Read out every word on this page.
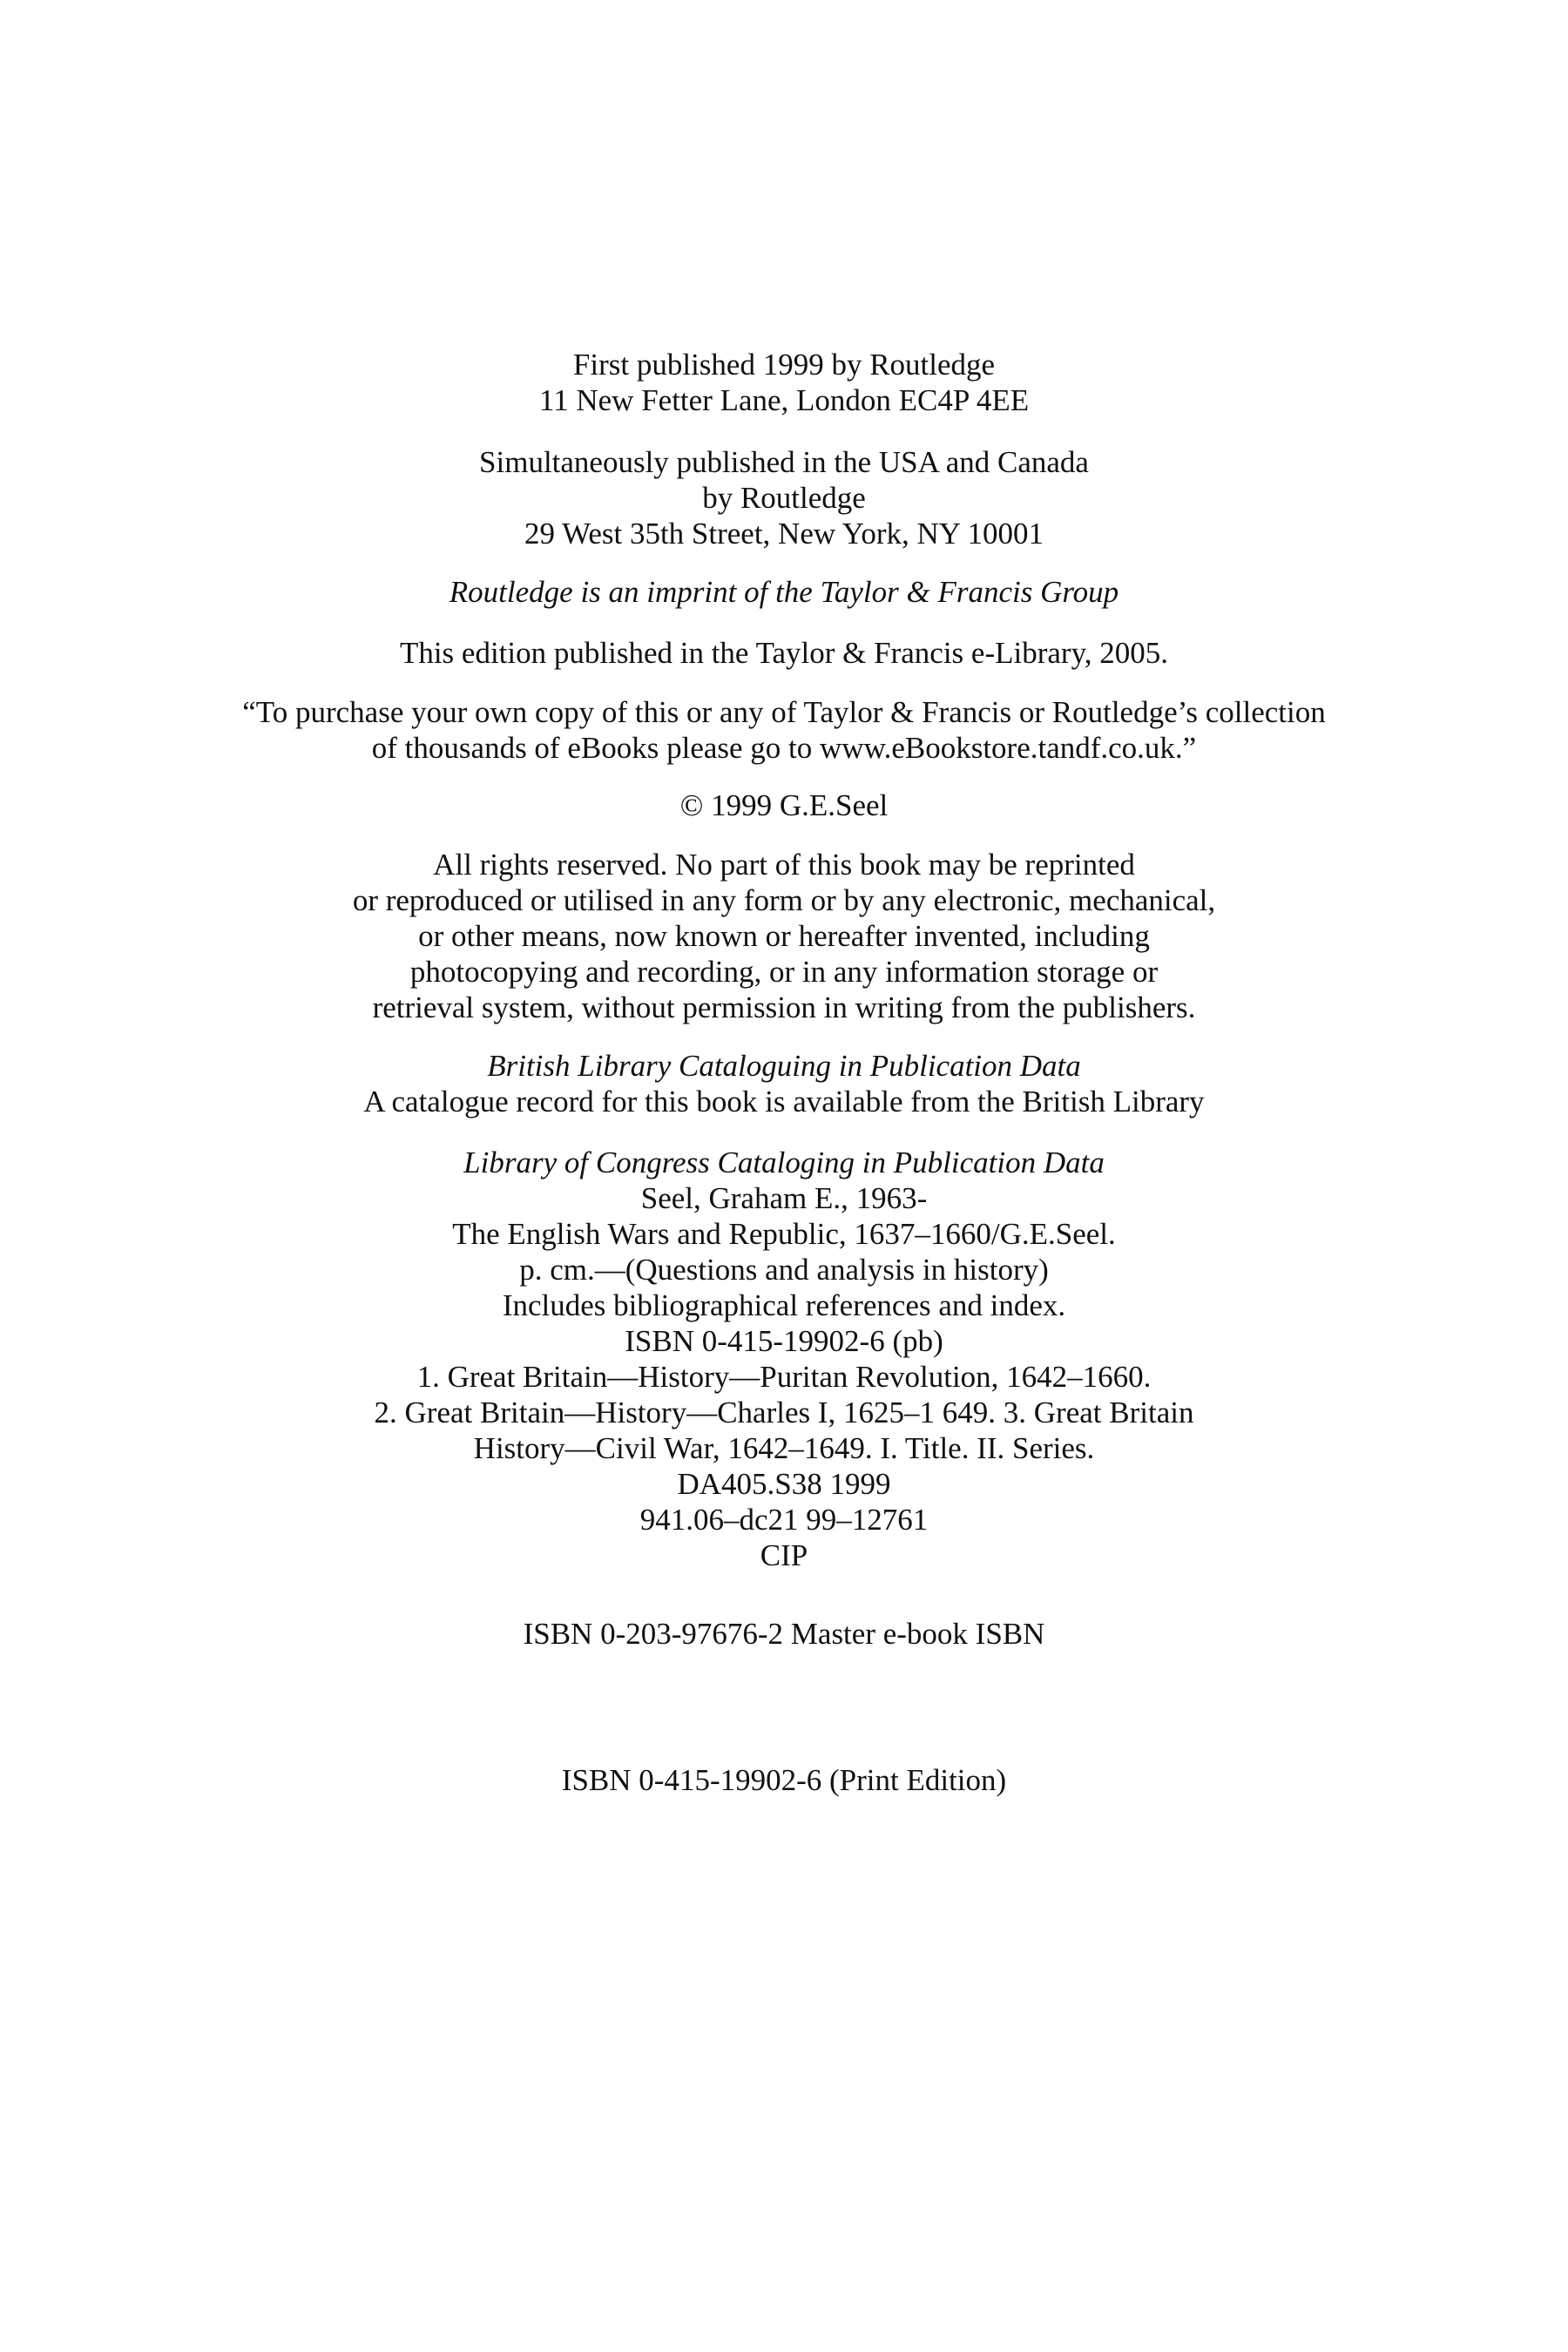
First published 1999 by Routledge
11 New Fetter Lane, London EC4P 4EE
Simultaneously published in the USA and Canada
by Routledge
29 West 35th Street, New York, NY 10001
Routledge is an imprint of the Taylor & Francis Group
This edition published in the Taylor & Francis e-Library, 2005.
“To purchase your own copy of this or any of Taylor & Francis or Routledge’s collection
of thousands of eBooks please go to www.eBookstore.tandf.co.uk.”
© 1999 G.E.Seel
All rights reserved. No part of this book may be reprinted
or reproduced or utilised in any form or by any electronic, mechanical,
or other means, now known or hereafter invented, including
photocopying and recording, or in any information storage or
retrieval system, without permission in writing from the publishers.
British Library Cataloguing in Publication Data
A catalogue record for this book is available from the British Library
Library of Congress Cataloging in Publication Data
Seel, Graham E., 1963-
The English Wars and Republic, 1637–1660/G.E.Seel.
p. cm.—(Questions and analysis in history)
Includes bibliographical references and index.
ISBN 0-415-19902-6 (pb)
1. Great Britain—History—Puritan Revolution, 1642–1660.
2. Great Britain—History—Charles I, 1625–1 649. 3. Great Britain
History—Civil War, 1642–1649. I. Title. II. Series.
DA405.S38 1999
941.06–dc21 99–12761
CIP
ISBN 0-203-97676-2 Master e-book ISBN
ISBN 0-415-19902-6 (Print Edition)
